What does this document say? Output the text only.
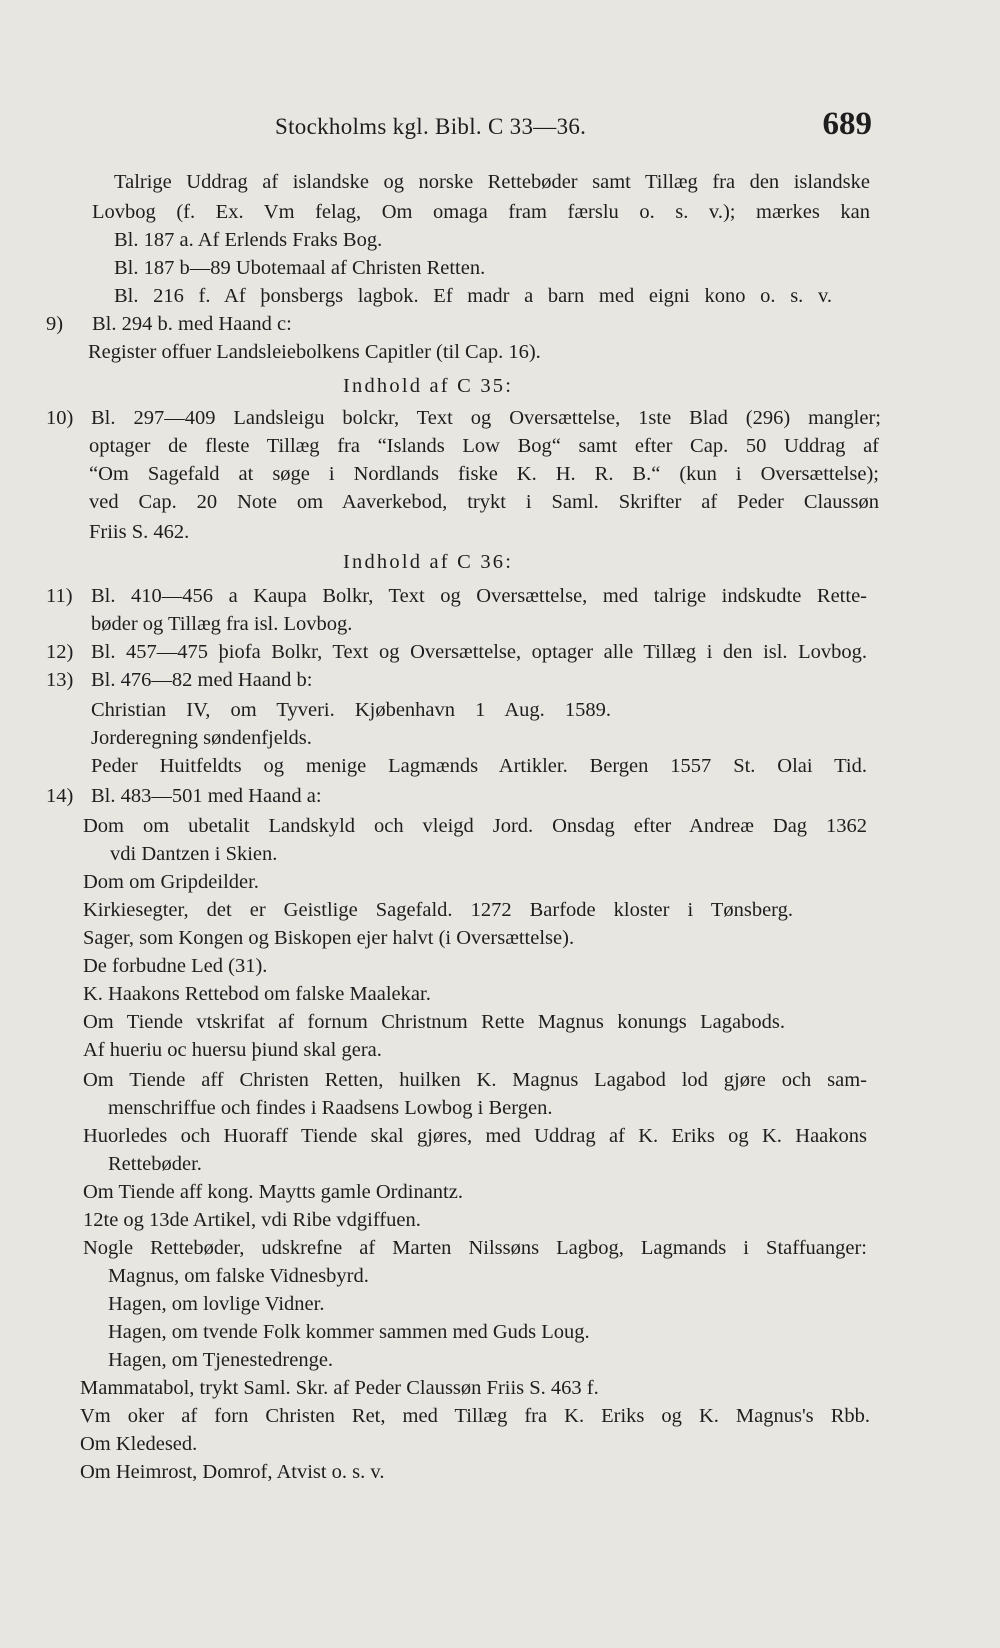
Stockholms kgl. Bibl. C 33—36.	689
Talrige Uddrag af islandske og norske Rettebøder samt Tillæg fra den islandske
Lovbog (f. Ex. Vm felag, Om omaga fram færslu o. s. v.); mærkes kan
Bl. 187 a. Af Erlends Fraks Bog.
Bl. 187 b—89 Ubotemaal af Christen Retten.
Bl. 216 f. Af þonsbergs lagbok. Ef madr a barn med eigni kono o. s. v.
9) Bl. 294 b. med Haand c:
Register offuer Landsleiebolkens Capitler (til Cap. 16).
Indhold af C 35:
10) Bl. 297—409 Landsleigu bolckr, Text og Oversættelse, 1ste Blad (296) mangler;
optager de fleste Tillæg fra “Islands Low Bog“ samt efter Cap. 50 Uddrag af
“Om Sagefald at søge i Nordlands fiske K. H. R. B.“ (kun i Oversættelse);
ved Cap. 20 Note om Aaverkebod, trykt i Saml. Skrifter af Peder Claussøn
Friis S. 462.
Indhold af C 36:
11) Bl. 410—456 a Kaupa Bolkr, Text og Oversættelse, med talrige indskudte Rette-
bøder og Tillæg fra isl. Lovbog.
12) Bl. 457—475 þiofa Bolkr, Text og Oversættelse, optager alle Tillæg i den isl. Lovbog.
13) Bl. 476—82 med Haand b:
Christian IV, om Tyveri. Kjøbenhavn 1 Aug. 1589.
Jorderegning søndenfjelds.
Peder Huitfeldts og menige Lagmænds Artikler. Bergen 1557 St. Olai Tid.
14) Bl. 483—501 med Haand a:
Dom om ubetalit Landskyld och vleigd Jord. Onsdag efter Andreæ Dag 1362
vdi Dantzen i Skien.
Dom om Gripdeilder.
Kirkiesegter, det er Geistlige Sagefald. 1272 Barfode kloster i Tønsberg.
Sager, som Kongen og Biskopen ejer halvt (i Oversættelse).
De forbudne Led (31).
K. Haakons Rettebod om falske Maalekar.
Om Tiende vtskrifat af fornum Christnum Rette Magnus konungs Lagabods.
Af hueriu oc huersu þiund skal gera.
Om Tiende aff Christen Retten, huilken K. Magnus Lagabod lod gjøre och sam-
menschriffue och findes i Raadsens Lowbog i Bergen.
Huorledes och Huoraff Tiende skal gjøres, med Uddrag af K. Eriks og K. Haakons
Rettebøder.
Om Tiende aff kong. Maytts gamle Ordinantz.
12te og 13de Artikel, vdi Ribe vdgiffuen.
Nogle Rettebøder, udskrefne af Marten Nilssøns Lagbog, Lagmands i Staffuanger:
Magnus, om falske Vidnesbyrd.
Hagen, om lovlige Vidner.
Hagen, om tvende Folk kommer sammen med Guds Loug.
Hagen, om Tjenestedrenge.
Mammatabol, trykt Saml. Skr. af Peder Claussøn Friis S. 463 f.
Vm oker af forn Christen Ret, med Tillæg fra K. Eriks og K. Magnus's Rbb.
Om Kledesed.
Om Heimrost, Domrof, Atvist o. s. v.
